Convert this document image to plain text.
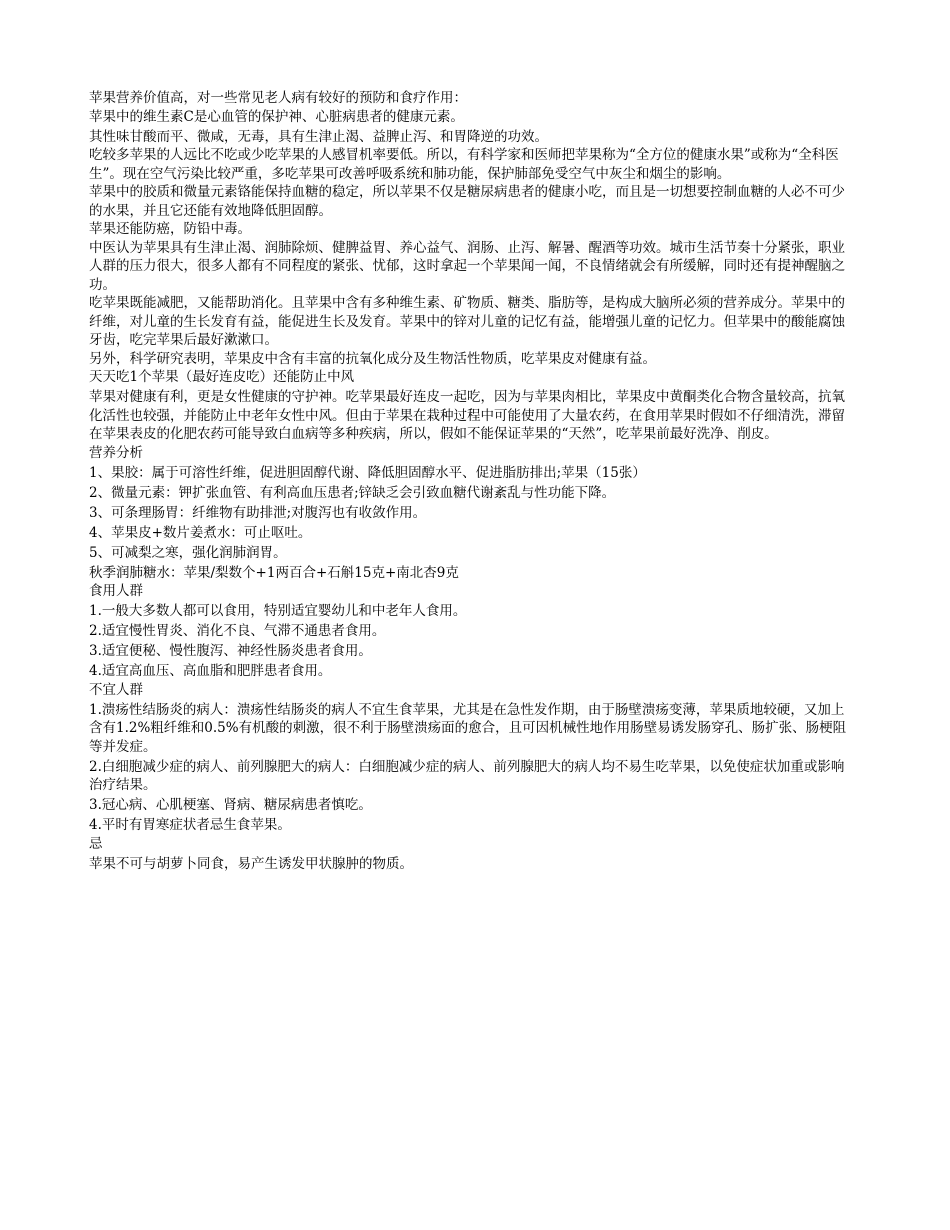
苹果营养价值高，对一些常见老人病有较好的预防和食疗作用：

苹果中的维生素C是心血管的保护神、心脏病患者的健康元素。

其性味甘酸而平、微咸，无毒，具有生津止渴、益脾止泻、和胃降逆的功效。

吃较多苹果的人远比不吃或少吃苹果的人感冒机率要低。所以，有科学家和医师把苹果称为“全方位的健康水果”或称为“全科医生”。现在空气污染比较严重，多吃苹果可改善呼吸系统和肺功能，保护肺部免受空气中灰尘和烟尘的影响。

苹果中的胶质和微量元素铬能保持血糖的稳定，所以苹果不仅是糖尿病患者的健康小吃，而且是一切想要控制血糖的人必不可少的水果，并且它还能有效地降低胆固醇。

苹果还能防癌，防铅中毒。

中医认为苹果具有生津止渴、润肺除烦、健脾益胃、养心益气、润肠、止泻、解暑、醒酒等功效。城市生活节奏十分紧张，职业人群的压力很大，很多人都有不同程度的紧张、忧郁，这时拿起一个苹果闻一闻，不良情绪就会有所缓解，同时还有提神醒脑之功。

吃苹果既能减肥，又能帮助消化。且苹果中含有多种维生素、矿物质、糖类、脂肪等，是构成大脑所必须的营养成分。苹果中的纤维，对儿童的生长发育有益，能促进生长及发育。苹果中的锌对儿童的记忆有益，能增强儿童的记忆力。但苹果中的酸能腐蚀牙齿，吃完苹果后最好漱漱口。

另外，科学研究表明，苹果皮中含有丰富的抗氧化成分及生物活性物质，吃苹果皮对健康有益。

天天吃1个苹果（最好连皮吃）还能防止中风

苹果对健康有利，更是女性健康的守护神。吃苹果最好连皮一起吃，因为与苹果肉相比，苹果皮中黄酮类化合物含量较高，抗氧化活性也较强，并能防止中老年女性中风。但由于苹果在栽种过程中可能使用了大量农药，在食用苹果时假如不仔细清洗，滞留在苹果表皮的化肥农药可能导致白血病等多种疾病，所以，假如不能保证苹果的“天然”，吃苹果前最好洗净、削皮。

营养分析

1、果胶：属于可溶性纤维，促进胆固醇代谢、降低胆固醇水平、促进脂肪排出;苹果（15张）

2、微量元素：钾扩张血管、有利高血压患者;锌缺乏会引致血糖代谢紊乱与性功能下降。

3、可条理肠胃：纤维物有助排泄;对腹泻也有收敛作用。

4、苹果皮+数片姜煮水：可止呕吐。

5、可减梨之寒，强化润肺润胃。

秋季润肺糖水：苹果/梨数个+1两百合+石斛15克+南北杏9克

食用人群

1.一般大多数人都可以食用，特别适宜婴幼儿和中老年人食用。

2.适宜慢性胃炎、消化不良、气滞不通患者食用。

3.适宜便秘、慢性腹泻、神经性肠炎患者食用。

4.适宜高血压、高血脂和肥胖患者食用。

不宜人群

1.溃疡性结肠炎的病人：溃疡性结肠炎的病人不宜生食苹果，尤其是在急性发作期，由于肠壁溃疡变薄，苹果质地较硬，又加上含有1.2%粗纤维和0.5%有机酸的刺激，很不利于肠壁溃疡面的愈合，且可因机械性地作用肠壁易诱发肠穿孔、肠扩张、肠梗阻等并发症。

2.白细胞减少症的病人、前列腺肥大的病人：白细胞减少症的病人、前列腺肥大的病人均不易生吃苹果，以免使症状加重或影响治疗结果。

3.冠心病、心肌梗塞、肾病、糖尿病患者慎吃。

4.平时有胃寒症状者忌生食苹果。

忌

苹果不可与胡萝卜同食，易产生诱发甲状腺肿的物质。
